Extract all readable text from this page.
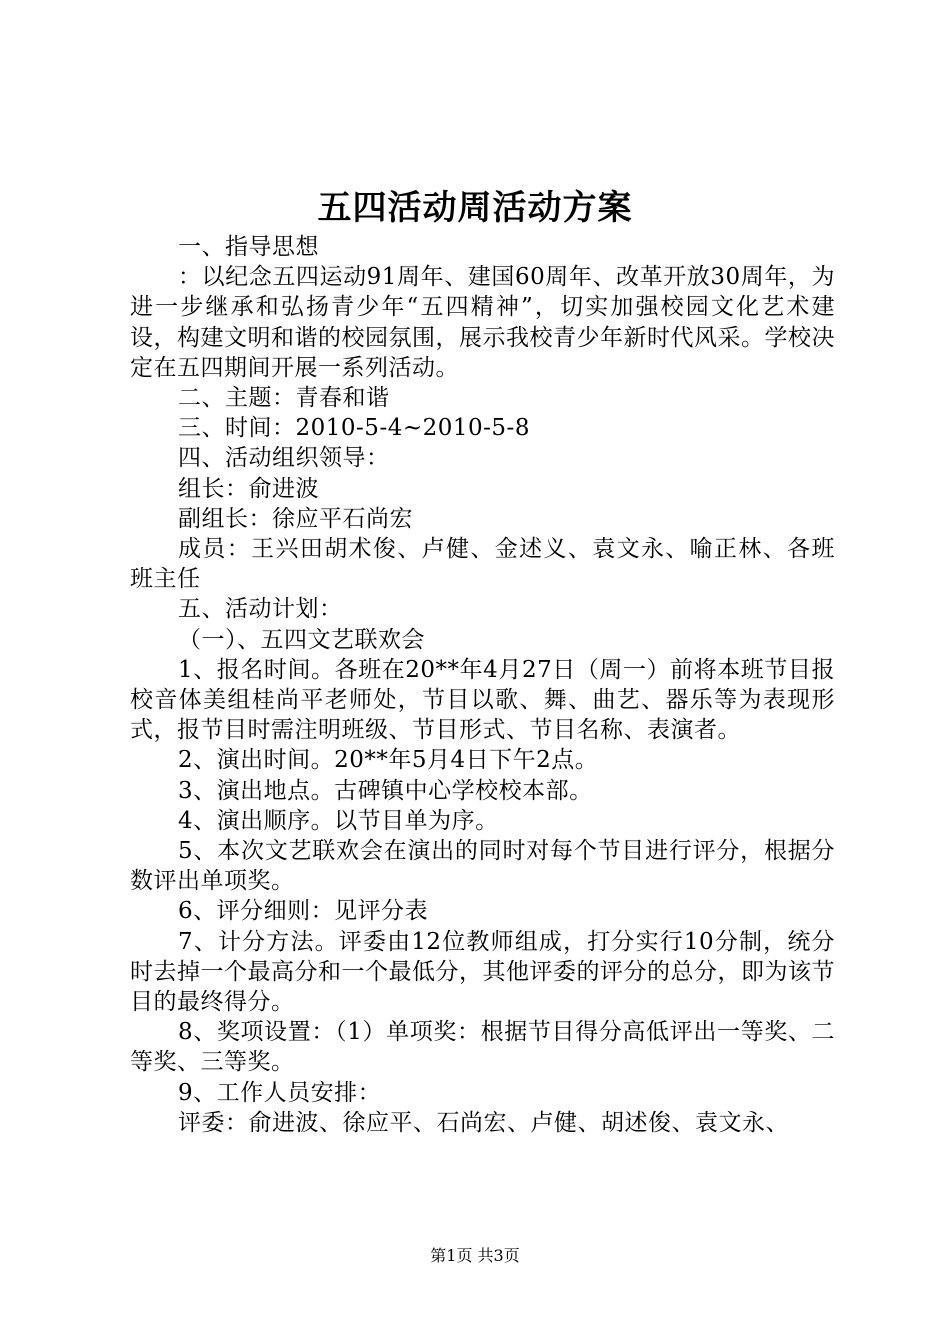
五四活动周活动方案

一、指导思想

：以纪念五四运动91周年、建国60周年、改革开放30周年，为进一步继承和弘扬青少年“五四精神”，切实加强校园文化艺术建设，构建文明和谐的校园氛围，展示我校青少年新时代风采。学校决定在五四期间开展一系列活动。

二、主题：青春和谐

三、时间：2010-5-4~2010-5-8

四、活动组织领导：

组长：俞进波

副组长：徐应平石尚宏

成员：王兴田胡术俊、卢健、金述义、袁文永、喻正林、各班班主任

五、活动计划：

（一）、五四文艺联欢会

1、报名时间。各班在20**年4月27日（周一）前将本班节目报校音体美组桂尚平老师处，节目以歌、舞、曲艺、器乐等为表现形式，报节目时需注明班级、节目形式、节目名称、表演者。

2、演出时间。20**年5月4日下午2点。

3、演出地点。古碑镇中心学校校本部。

4、演出顺序。以节目单为序。

5、本次文艺联欢会在演出的同时对每个节目进行评分，根据分数评出单项奖。

6、评分细则：见评分表

7、计分方法。评委由12位教师组成，打分实行10分制，统分时去掉一个最高分和一个最低分，其他评委的评分的总分，即为该节目的最终得分。

8、奖项设置：（1）单项奖：根据节目得分高低评出一等奖、二等奖、三等奖。

9、工作人员安排：

评委：俞进波、徐应平、石尚宏、卢健、胡述俊、袁文永、

第1页 共3页
